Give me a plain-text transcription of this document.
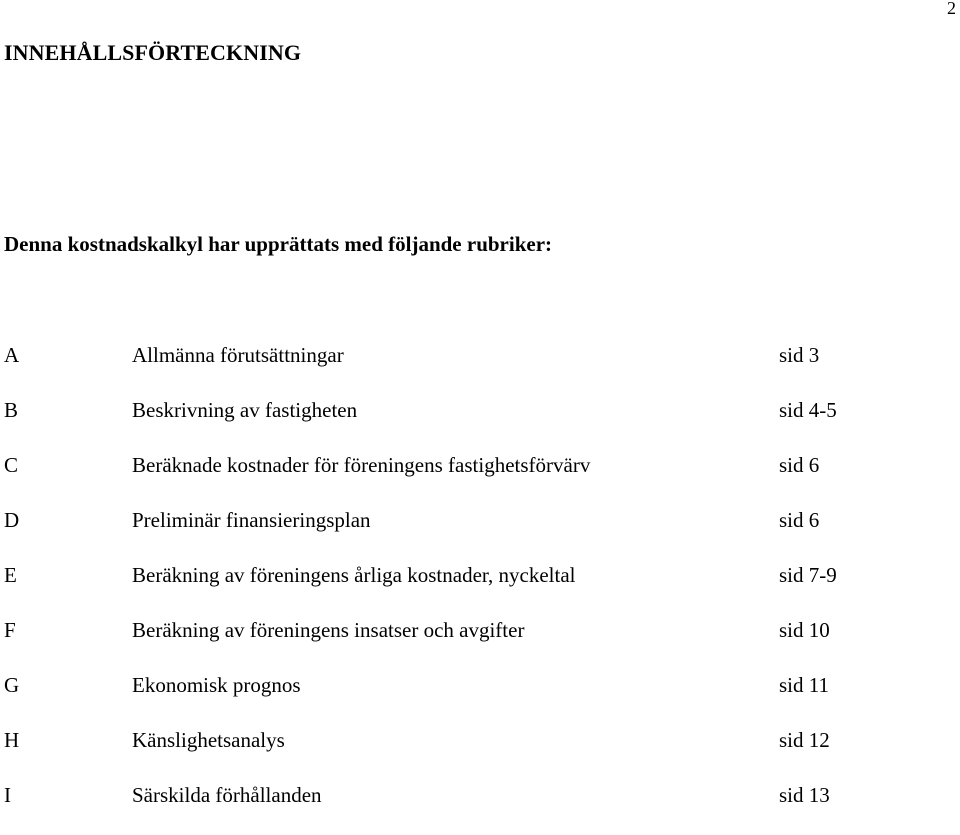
2
INNEHÅLLSFÖRTECKNING

Denna kostnadskalkyl har upprättats med följande rubriker:

A	Allmänna förutsättningar	sid 3
B	Beskrivning av fastigheten	sid 4-5
C	Beräknade kostnader för föreningens fastighetsförvärv	sid 6
D	Preliminär finansieringsplan	sid 6
E	Beräkning av föreningens årliga kostnader, nyckeltal	sid 7-9
F	Beräkning av föreningens insatser och avgifter	sid 10
G	Ekonomisk prognos	sid 11
H	Känslighetsanalys	sid 12
I	Särskilda förhållanden	sid 13
